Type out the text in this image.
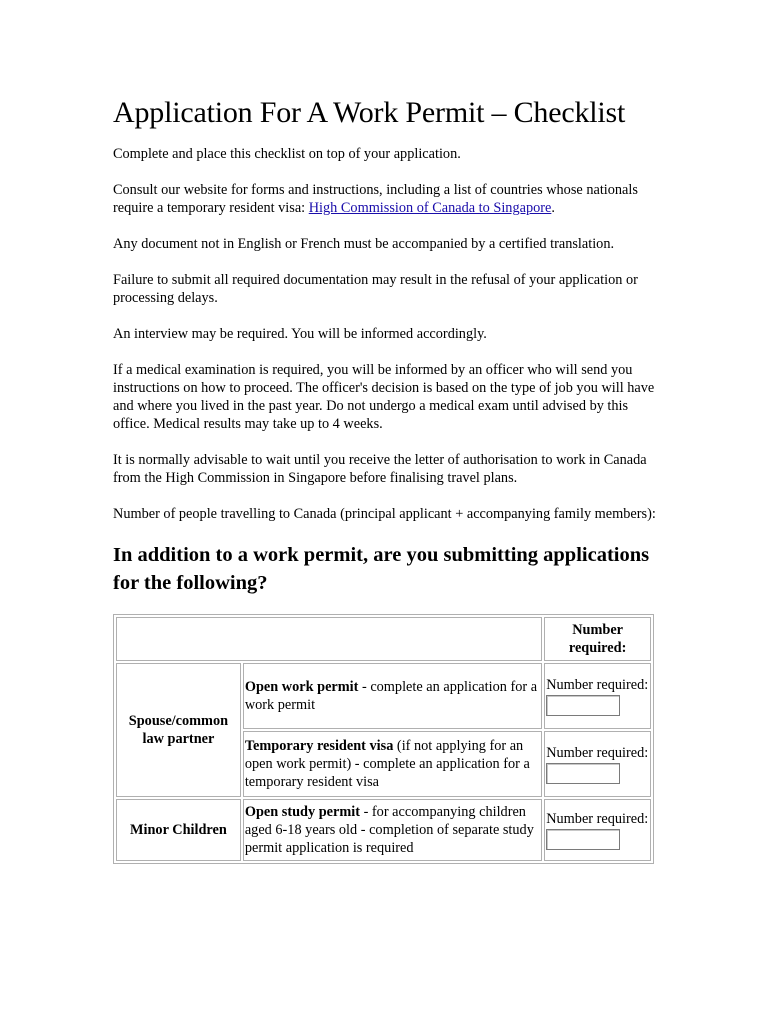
Application For A Work Permit – Checklist

Complete and place this checklist on top of your application.

Consult our website for forms and instructions, including a list of countries whose nationals require a temporary resident visa: High Commission of Canada to Singapore.

Any document not in English or French must be accompanied by a certified translation.

Failure to submit all required documentation may result in the refusal of your application or processing delays.

An interview may be required. You will be informed accordingly.

If a medical examination is required, you will be informed by an officer who will send you instructions on how to proceed. The officer's decision is based on the type of job you will have and where you lived in the past year. Do not undergo a medical exam until advised by this office. Medical results may take up to 4 weeks.

It is normally advisable to wait until you receive the letter of authorisation to work in Canada from the High Commission in Singapore before finalising travel plans.

Number of people travelling to Canada (principal applicant + accompanying family members):

In addition to a work permit, are you submitting applications for the following?
		Number required:
Spouse/common law partner	Open work permit - complete an application for a work permit	Number required:

	Temporary resident visa (if not applying for an open work permit) - complete an application for a temporary resident visa	Number required:

Minor Children	Open study permit - for accompanying children aged 6-18 years old - completion of separate study permit application is required	Number required:
